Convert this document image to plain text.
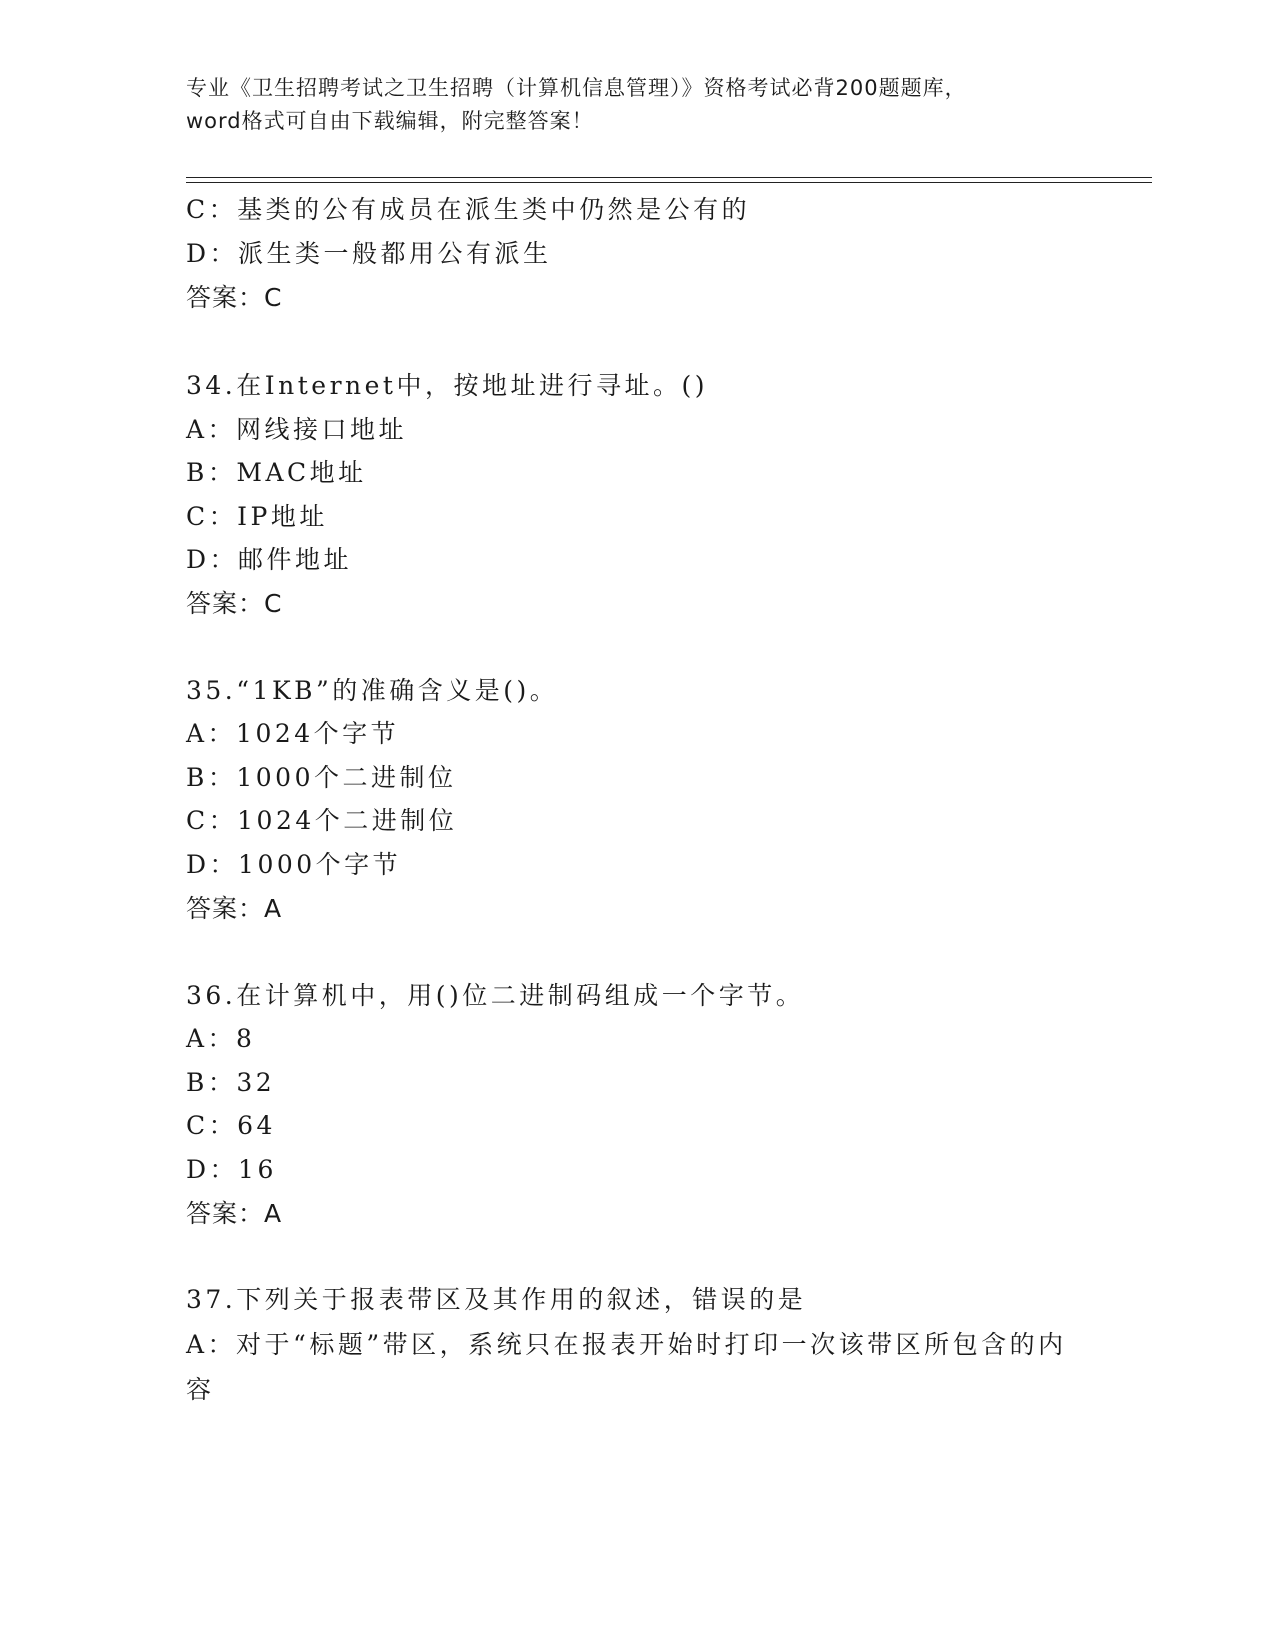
专业《卫生招聘考试之卫生招聘（计算机信息管理）》资格考试必背200题题库，
word格式可自由下载编辑，附完整答案！
C：基类的公有成员在派生类中仍然是公有的
D：派生类一般都用公有派生
答案：C
34.在Internet中，按地址进行寻址。()
A：网线接口地址
B：MAC地址
C：IP地址
D：邮件地址
答案：C
35.“1KB”的准确含义是()。
A：1024个字节
B：1000个二进制位
C：1024个二进制位
D：1000个字节
答案：A
36.在计算机中，用()位二进制码组成一个字节。
A：8
B：32
C：64
D：16
答案：A
37.下列关于报表带区及其作用的叙述，错误的是
A：对于“标题”带区，系统只在报表开始时打印一次该带区所包含的内容
